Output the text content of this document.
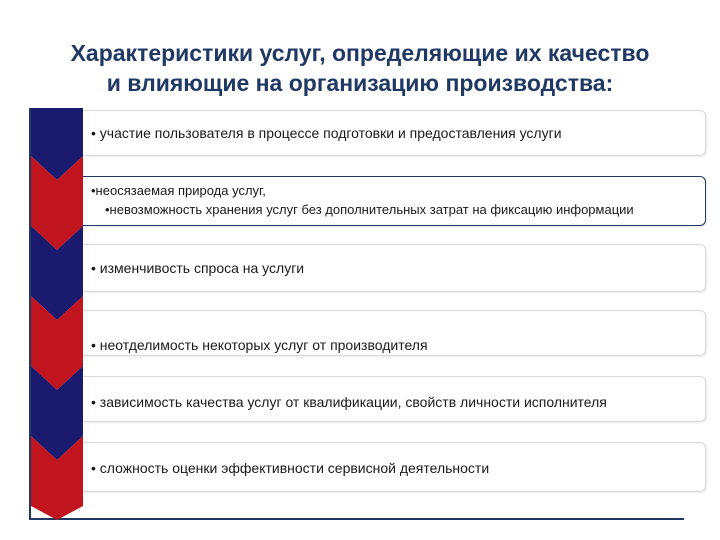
Характеристики услуг, определяющие их качество
и влияющие на организацию производства:
• участие пользователя в процессе подготовки и предоставления услуги
•неосязаемая природа услуг,
•невозможность хранения услуг без дополнительных затрат на фиксацию информации
• изменчивость спроса на услуги
• неотделимость некоторых услуг от производителя
• зависимость качества услуг от квалификации, свойств личности исполнителя
• сложность оценки эффективности сервисной деятельности
